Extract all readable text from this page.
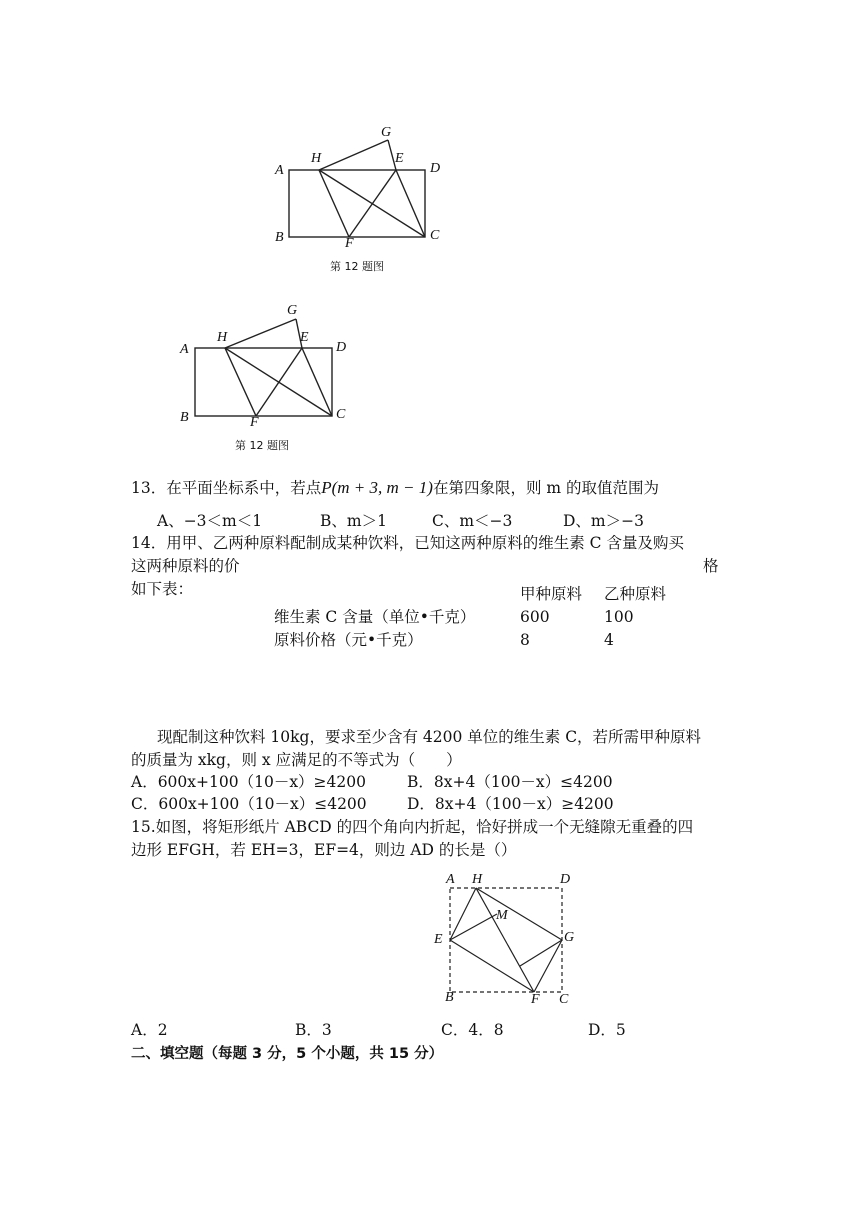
A
B	C
D
E
F
G
H
第 12 题图
A
B	C
D
E
F
G
H
第 12 题图
13．在平面坐标系中，若点P(m + 3, m − 1)在第四象限，则 m 的取值范围为
A、−3＜m＜1	B、m＞1	C、m＜−3	D、m＞−3
14．用甲、乙两种原料配制成某种饮料，已知这两种原料的维生素 C 含量及购买
这两种原料的价	格
如下表：	甲种原料 乙种原料
维生素 C 含量（单位•千克）	600	100
原料价格（元•千克）	8	4
现配制这种饮料 10kg，要求至少含有 4200 单位的维生素 C，若所需甲种原料
的质量为 xkg，则 x 应满足的不等式为（　　）
A．600x+100（10－x）≥4200	B．8x+4（100－x）≤4200
C．600x+100（10－x）≤4200	D．8x+4（100－x）≥4200
15.如图，将矩形纸片 ABCD 的四个角向内折起，恰好拼成一个无缝隙无重叠的四
边形 EFGH，若 EH=3，EF=4，则边 AD 的长是（）
A H	D
M
E	G
B	F C
A．2	B．3	C．4．8	D．5
二、填空题（每题 3 分，5 个小题，共 15 分）
